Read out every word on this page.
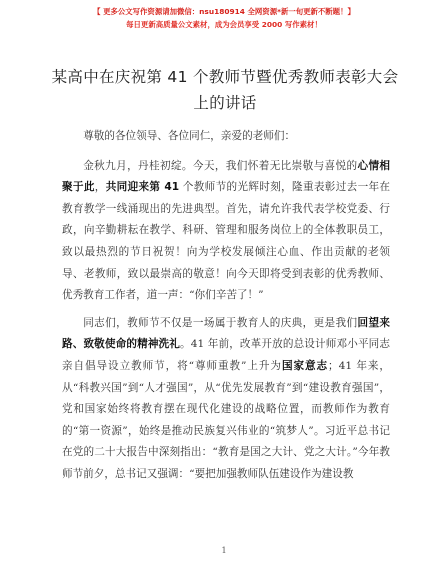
【 更多公文写作资源请加微信：nsu180914 全网资源*新一旬更新不断题！】
每日更新高质量公文素材，成为会员享受 2000 写作素材！
某高中在庆祝第 41 个教师节暨优秀教师表彰大会上的讲话

尊敬的各位领导、各位同仁，亲爱的老师们：

金秋九月，丹桂初绽。今天，我们怀着无比崇敬与喜悦的心情相聚于此，共同迎来第 41 个教师节的光辉时刻，隆重表彰过去一年在教育教学一线涌现出的先进典型。首先，请允许我代表学校党委、行政，向辛勤耕耘在教学、科研、管理和服务岗位上的全体教职员工，致以最热烈的节日祝贺！向为学校发展倾注心血、作出贡献的老领导、老教师，致以最崇高的敬意！向今天即将受到表彰的优秀教师、优秀教育工作者，道一声：“你们辛苦了！”

同志们，教师节不仅是一场属于教育人的庆典，更是我们回望来路、致敬使命的精神洗礼。41 年前，改革开放的总设计师邓小平同志亲自倡导设立教师节，将“尊师重教”上升为国家意志；41 年来，从“科教兴国”到“人才强国”，从“优先发展教育”到“建设教育强国”，党和国家始终将教育摆在现代化建设的战略位置，而教师作为教育的“第一资源”，始终是推动民族复兴伟业的“筑梦人”。习近平总书记在党的二十大报告中深刻指出：“教育是国之大计、党之大计。”今年教师节前夕，总书记又强调：“要把加强教师队伍建设作为建设教

1
